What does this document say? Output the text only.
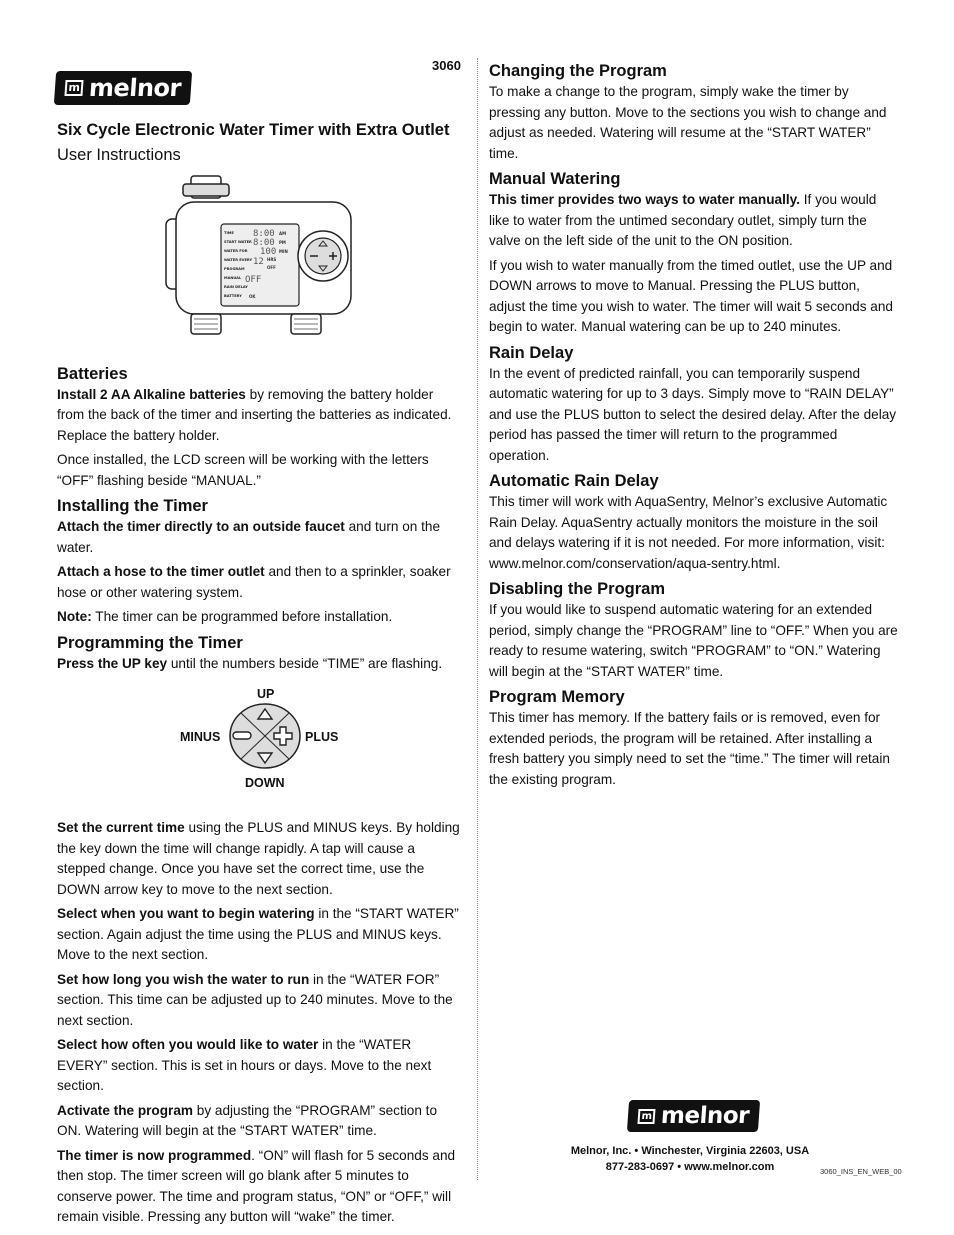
m melnor
3060
Six Cycle Electronic Water Timer with Extra Outlet
User Instructions
TIME
START WATER
WATER FOR
WATER EVERY
PROGRAM
MANUAL
RAIN DELAY
BATTERY
8:00
8:00
100
12
OFF
AM
PM
MIN
HRS
OFF
OK
Batteries

Install 2 AA Alkaline batteries by removing the battery holder from the back of the timer and inserting the batteries as indicated. Replace the battery holder.

Once installed, the LCD screen will be working with the letters “OFF” flashing beside “MANUAL.”

Installing the Timer

Attach the timer directly to an outside faucet and turn on the water.

Attach a hose to the timer outlet and then to a sprinkler, soaker hose or other watering system.

Note: The timer can be programmed before installation.

Programming the Timer

Press the UP key until the numbers beside “TIME” are flashing.

UP
MINUS	PLUS
DOWN

Set the current time using the PLUS and MINUS keys. By holding the key down the time will change rapidly. A tap will cause a stepped change. Once you have set the correct time, use the DOWN arrow key to move to the next section.

Select when you want to begin watering in the “START WATER” section. Again adjust the time using the PLUS and MINUS keys. Move to the next section.

Set how long you wish the water to run in the “WATER FOR” section. This time can be adjusted up to 240 minutes. Move to the next section.

Select how often you would like to water in the “WATER EVERY” section. This is set in hours or days. Move to the next section.

Activate the program by adjusting the “PROGRAM” section to ON. Watering will begin at the “START WATER” time.

The timer is now programmed. “ON” will flash for 5 seconds and then stop. The timer screen will go blank after 5 minutes to conserve power. The time and program status, “ON” or “OFF,” will remain visible. Pressing any button will “wake” the timer.

Changing the Program

To make a change to the program, simply wake the timer by pressing any button. Move to the sections you wish to change and adjust as needed. Watering will resume at the “START WATER” time.

Manual Watering

This timer provides two ways to water manually. If you would like to water from the untimed secondary outlet, simply turn the valve on the left side of the unit to the ON position.

If you wish to water manually from the timed outlet, use the UP and DOWN arrows to move to Manual. Pressing the PLUS button, adjust the time you wish to water. The timer will wait 5 seconds and begin to water. Manual watering can be up to 240 minutes.

Rain Delay

In the event of predicted rainfall, you can temporarily suspend automatic watering for up to 3 days. Simply move to “RAIN DELAY” and use the PLUS button to select the desired delay. After the delay period has passed the timer will return to the programmed operation.

Automatic Rain Delay

This timer will work with AquaSentry, Melnor’s exclusive Automatic Rain Delay. AquaSentry actually monitors the moisture in the soil and delays watering if it is not needed. For more information, visit: www.melnor.com/conservation/aqua-sentry.html.

Disabling the Program

If you would like to suspend automatic watering for an extended period, simply change the “PROGRAM” line to “OFF.” When you are ready to resume watering, switch “PROGRAM” to “ON.” Watering will begin at the “START WATER” time.

Program Memory

This timer has memory. If the battery fails or is removed, even for extended periods, the program will be retained. After installing a fresh battery you simply need to set the “time.” The timer will retain the existing program.

m melnor
Melnor, Inc. • Winchester, Virginia 22603, USA
877-283-0697 • www.melnor.com	3060_INS_EN_WEB_00
